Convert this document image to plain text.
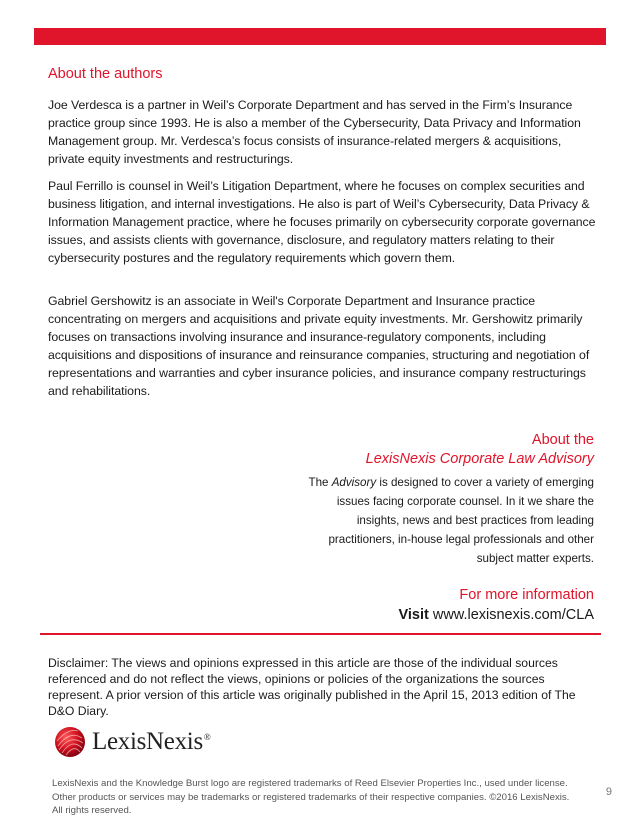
About the authors

Joe Verdesca is a partner in Weil’s Corporate Department and has served in the Firm’s Insurance practice group since 1993. He is also a member of the Cybersecurity, Data Privacy and Information Management group. Mr. Verdesca’s focus consists of insurance-related mergers & acquisitions, private equity investments and restructurings.

Paul Ferrillo is counsel in Weil’s Litigation Department, where he focuses on complex securities and business litigation, and internal investigations. He also is part of Weil’s Cybersecurity, Data Privacy & Information Management practice, where he focuses primarily on cybersecurity corporate governance issues, and assists clients with governance, disclosure, and regulatory matters relating to their cybersecurity postures and the regulatory requirements which govern them.

Gabriel Gershowitz is an associate in Weil's Corporate Department and Insurance practice concentrating on mergers and acquisitions and private equity investments. Mr. Gershowitz primarily focuses on transactions involving insurance and insurance-regulatory components, including acquisitions and dispositions of insurance and reinsurance companies, structuring and negotiation of representations and warranties and cyber insurance policies, and insurance company restructurings and rehabilitations.

About the
LexisNexis Corporate Law Advisory
The Advisory is designed to cover a variety of emerging issues facing corporate counsel. In it we share the insights, news and best practices from leading practitioners, in-house legal professionals and other subject matter experts.
For more information
Visit www.lexisnexis.com/CLA

Disclaimer: The views and opinions expressed in this article are those of the individual sources referenced and do not reflect the views, opinions or policies of the organizations the sources represent. A prior version of this article was originally published in the April 15, 2013 edition of The D&O Diary.

LexisNexis®

LexisNexis and the Knowledge Burst logo are registered trademarks of Reed Elsevier Properties Inc., used under license. Other products or services may be trademarks or registered trademarks of their respective companies. ©2016 LexisNexis. All rights reserved.

9
